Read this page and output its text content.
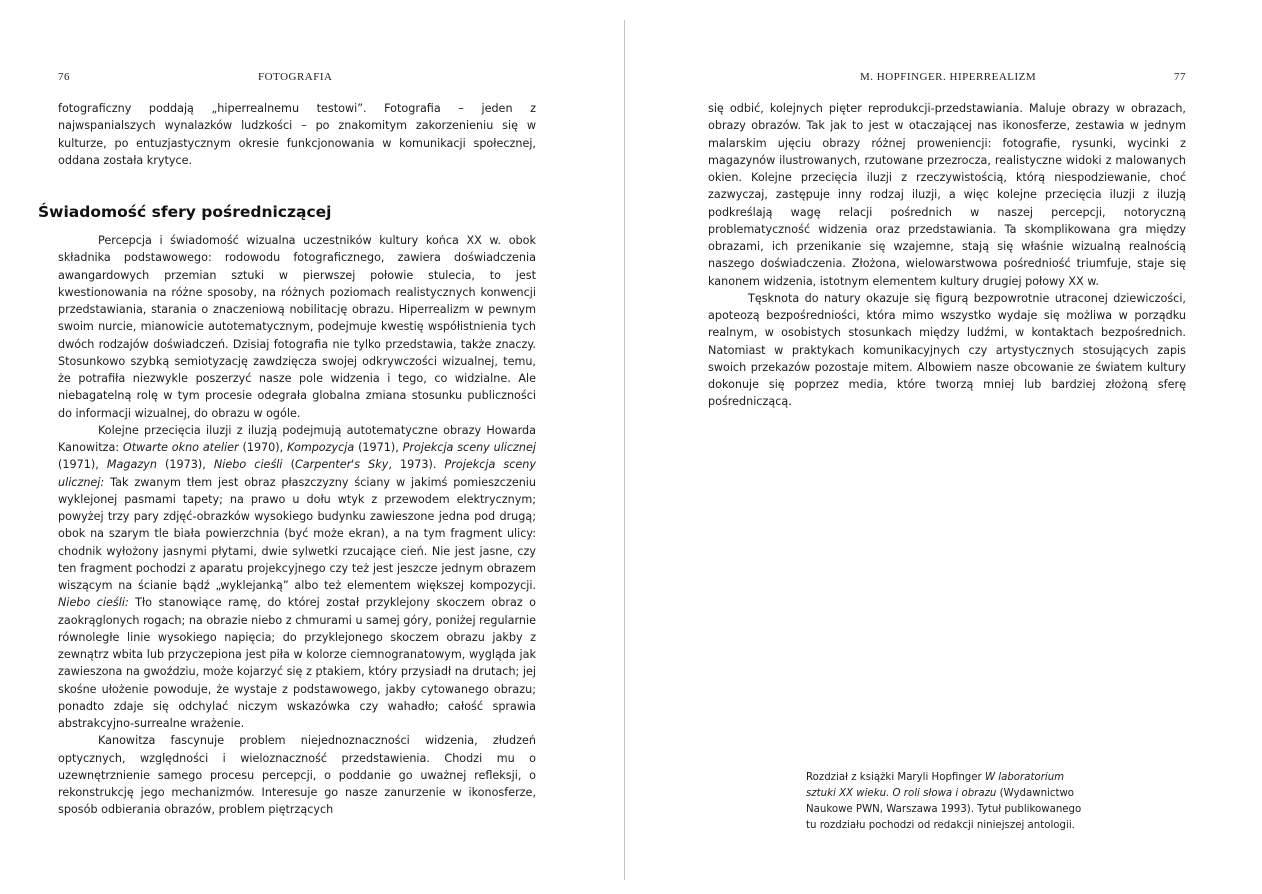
76	FOTOGRAFIA	M. HOPFINGER. HIPERREALIZM	77

fotograficzny poddają „hiperrealnemu testowi”. Fotografia – jeden z najwspanialszych wynalazków ludzkości – po znakomitym zakorzenieniu się w kulturze, po entuzjastycznym okresie funkcjonowania w komunikacji społecznej, oddana została krytyce.

Świadomość sfery pośredniczącej

Percepcja i świadomość wizualna uczestników kultury końca XX w. obok składnika podstawowego: rodowodu fotograficznego, zawiera doświadczenia awangardowych przemian sztuki w pierwszej połowie stulecia, to jest kwestionowania na różne sposoby, na różnych poziomach realistycznych konwencji przedstawiania, starania o znaczeniową nobilitację obrazu. Hiperrealizm w pewnym swoim nurcie, mianowicie autotematycznym, podejmuje kwestię współistnienia tych dwóch rodzajów doświadczeń. Dzisiaj fotografia nie tylko przedstawia, także znaczy. Stosunkowo szybką semiotyzację zawdzięcza swojej odkrywczości wizualnej, temu, że potrafiła niezwykle poszerzyć nasze pole widzenia i tego, co widzialne. Ale niebagatelną rolę w tym procesie odegrała globalna zmiana stosunku publiczności do informacji wizualnej, do obrazu w ogóle.

Kolejne przecięcia iluzji z iluzją podejmują autotematyczne obrazy Howarda Kanowitza: Otwarte okno atelier (1970), Kompozycja (1971), Projekcja sceny ulicznej (1971), Magazyn (1973), Niebo cieśli (Carpenter's Sky, 1973). Projekcja sceny ulicznej: Tak zwanym tłem jest obraz płaszczyzny ściany w jakimś pomieszczeniu wyklejonej pasmami tapety; na prawo u dołu wtyk z przewodem elektrycznym; powyżej trzy pary zdjęć-obrazków wysokiego budynku zawieszone jedna pod drugą; obok na szarym tle biała powierzchnia (być może ekran), a na tym fragment ulicy: chodnik wyłożony jasnymi płytami, dwie sylwetki rzucające cień. Nie jest jasne, czy ten fragment pochodzi z aparatu projekcyjnego czy też jest jeszcze jednym obrazem wiszącym na ścianie bądź „wyklejanką” albo też elementem większej kompozycji. Niebo cieśli: Tło stanowiące ramę, do której został przyklejony skoczem obraz o zaokrąglonych rogach; na obrazie niebo z chmurami u samej góry, poniżej regularnie równoległe linie wysokiego napięcia; do przyklejonego skoczem obrazu jakby z zewnątrz wbita lub przyczepiona jest piła w kolorze ciemnogranatowym, wygląda jak zawieszona na gwoździu, może kojarzyć się z ptakiem, który przysiadł na drutach; jej skośne ułożenie powoduje, że wystaje z podstawowego, jakby cytowanego obrazu; ponadto zdaje się odchylać niczym wskazówka czy wahadło; całość sprawia abstrakcyjno-surrealne wrażenie.

Kanowitza fascynuje problem niejednoznaczności widzenia, złudzeń optycznych, względności i wieloznaczność przedstawienia. Chodzi mu o uzewnętrznienie samego procesu percepcji, o poddanie go uważnej refleksji, o rekonstrukcję jego mechanizmów. Interesuje go nasze zanurzenie w ikonosferze, sposób odbierania obrazów, problem piętrzących

się odbić, kolejnych pięter reprodukcji-przedstawiania. Maluje obrazy w obrazach, obrazy obrazów. Tak jak to jest w otaczającej nas ikonosferze, zestawia w jednym malarskim ujęciu obrazy różnej proweniencji: fotografie, rysunki, wycinki z magazynów ilustrowanych, rzutowane przezrocza, realistyczne widoki z malowanych okien. Kolejne przecięcia iluzji z rzeczywistością, którą niespodziewanie, choć zazwyczaj, zastępuje inny rodzaj iluzji, a więc kolejne przecięcia iluzji z iluzją podkreślają wagę relacji pośrednich w naszej percepcji, notoryczną problematyczność widzenia oraz przedstawiania. Ta skomplikowana gra między obrazami, ich przenikanie się wzajemne, stają się właśnie wizualną realnością naszego doświadczenia. Złożona, wielowarstwowa pośredniość triumfuje, staje się kanonem widzenia, istotnym elementem kultury drugiej połowy XX w.

Tęsknota do natury okazuje się figurą bezpowrotnie utraconej dziewiczości, apoteozą bezpośredniości, która mimo wszystko wydaje się możliwa w porządku realnym, w osobistych stosunkach między ludźmi, w kontaktach bezpośrednich. Natomiast w praktykach komunikacyjnych czy artystycznych stosujących zapis swoich przekazów pozostaje mitem. Albowiem nasze obcowanie ze światem kultury dokonuje się poprzez media, które tworzą mniej lub bardziej złożoną sferę pośredniczącą.

Rozdział z książki Maryli Hopfinger W laboratorium sztuki XX wieku. O roli słowa i obrazu (Wydawnictwo Naukowe PWN, Warszawa 1993). Tytuł publikowanego tu rozdziału pochodzi od redakcji niniejszej antologii.
